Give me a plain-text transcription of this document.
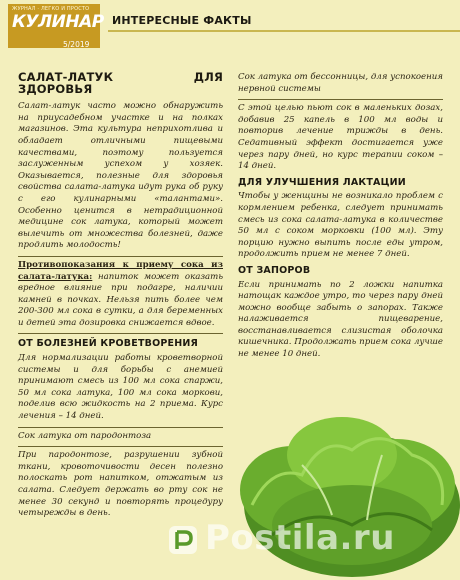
ЖУРНАЛ · ЛЕГКО И ПРОСТО
КУЛИНАР
5/2019
ИНТЕРЕСНЫЕ ФАКТЫ
САЛАТ-ЛАТУК ДЛЯ ЗДОРОВЬЯ

Салат-латук часто можно обнаружить на приусадебном участке и на полках магазинов. Эта культура неприхотлива и обладает отличными пищевыми качествами, поэтому пользуется заслуженным успехом у хозяек. Оказывается, полезные для здоровья свойства салата-латука идут рука об руку с его кулинарными «талантами». Особенно ценится в нетрадиционной медицине сок латука, который может вылечить от множества болезней, даже продлить молодость!

Противопоказания к приему сока из салата-латука: напиток может оказать вредное влияние при подагре, наличии камней в почках. Нельзя пить более чем 200-300 мл сока в сутки, а для беременных и детей эта дозировка снижается вдвое.

ОТ БОЛЕЗНЕЙ КРОВЕТВОРЕНИЯ

Для нормализации работы кроветворной системы и для борьбы с анемией принимают смесь из 100 мл сока спаржи, 50 мл сока латука, 100 мл сока моркови, поделив всю жидкость на 2 приема. Курс лечения – 14 дней.

Сок латука от пародонтоза

При пародонтозе, разрушении зубной ткани, кровоточивости десен полезно полоскать рот напитком, отжатым из салата. Следует держать во рту сок не менее 30 секунд и повторять процедуру четырежды в день.

Сок латука от бессонницы, для успокоения нервной системы

С этой целью пьют сок в маленьких дозах, добавив 25 капель в 100 мл воды и повторив лечение трижды в день. Седативный эффект достигается уже через пару дней, но курс терапии соком – 14 дней.

ДЛЯ УЛУЧШЕНИЯ ЛАКТАЦИИ

Чтобы у женщины не возникало проблем с кормлением ребенка, следует принимать смесь из сока салата-латука в количестве 50 мл с соком морковки (100 мл). Эту порцию нужно выпить после еды утром, продолжить прием не менее 7 дней.

ОТ ЗАПОРОВ

Если принимать по 2 ложки напитка натощак каждое утро, то через пару дней можно вообще забыть о запорах. Также налаживается пищеварение, восстанавливается слизистая оболочка кишечника. Продолжать прием сока лучше не менее 10 дней.

Postila.ru
